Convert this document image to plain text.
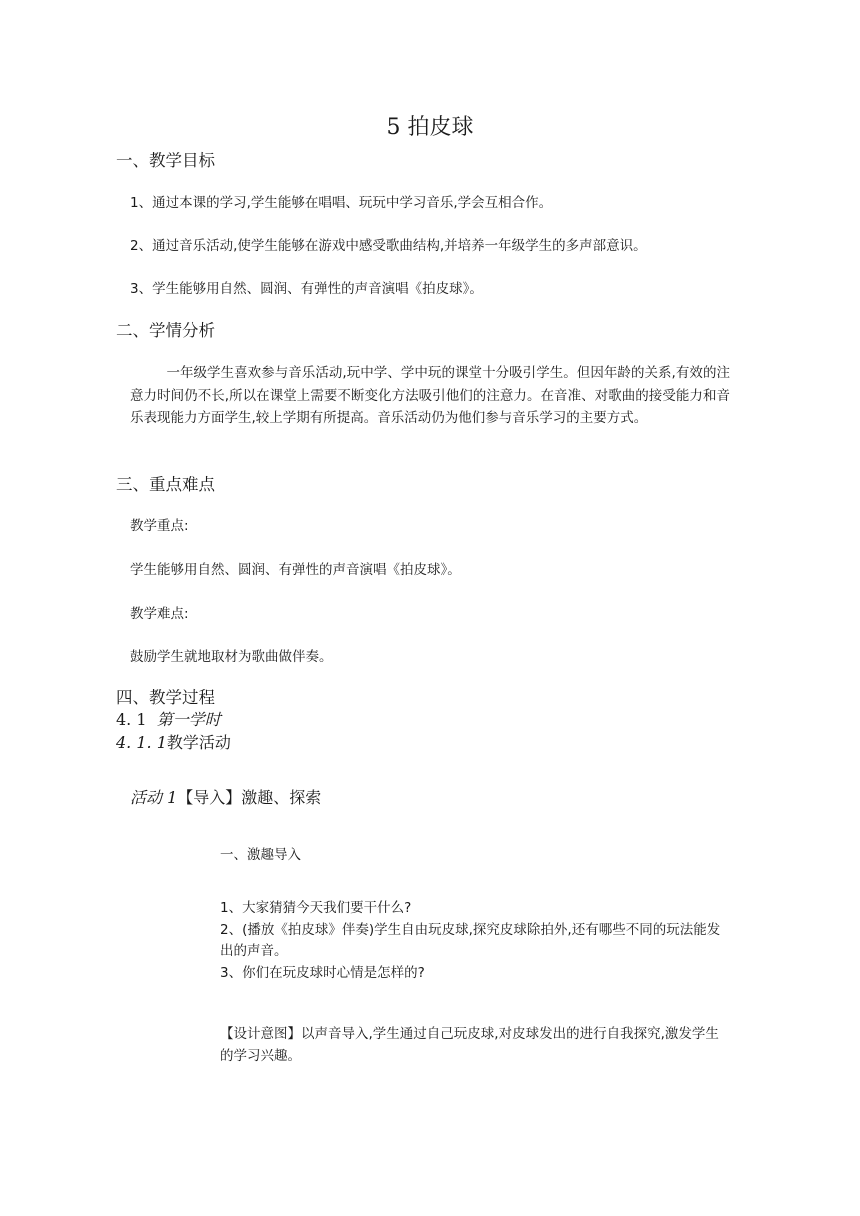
5 拍皮球
一、教学目标
1、通过本课的学习,学生能够在唱唱、玩玩中学习音乐,学会互相合作。
2、通过音乐活动,使学生能够在游戏中感受歌曲结构,并培养一年级学生的多声部意识。
3、学生能够用自然、圆润、有弹性的声音演唱《拍皮球》。
二、学情分析
一年级学生喜欢参与音乐活动,玩中学、学中玩的课堂十分吸引学生。但因年龄的关系,有效的注意力时间仍不长,所以在课堂上需要不断变化方法吸引他们的注意力。在音准、对歌曲的接受能力和音乐表现能力方面学生,较上学期有所提高。音乐活动仍为他们参与音乐学习的主要方式。
三、重点难点
教学重点:
学生能够用自然、圆润、有弹性的声音演唱《拍皮球》。
教学难点:
鼓励学生就地取材为歌曲做伴奏。
四、教学过程
4. 1 第一学时
4. 1. 1教学活动
活动 1【导入】激趣、探索
一、激趣导入
1、大家猜猜今天我们要干什么?
2、(播放《拍皮球》伴奏)学生自由玩皮球,探究皮球除拍外,还有哪些不同的玩法能发出的声音。
3、你们在玩皮球时心情是怎样的?
【设计意图】以声音导入,学生通过自己玩皮球,对皮球发出的进行自我探究,激发学生的学习兴趣。
